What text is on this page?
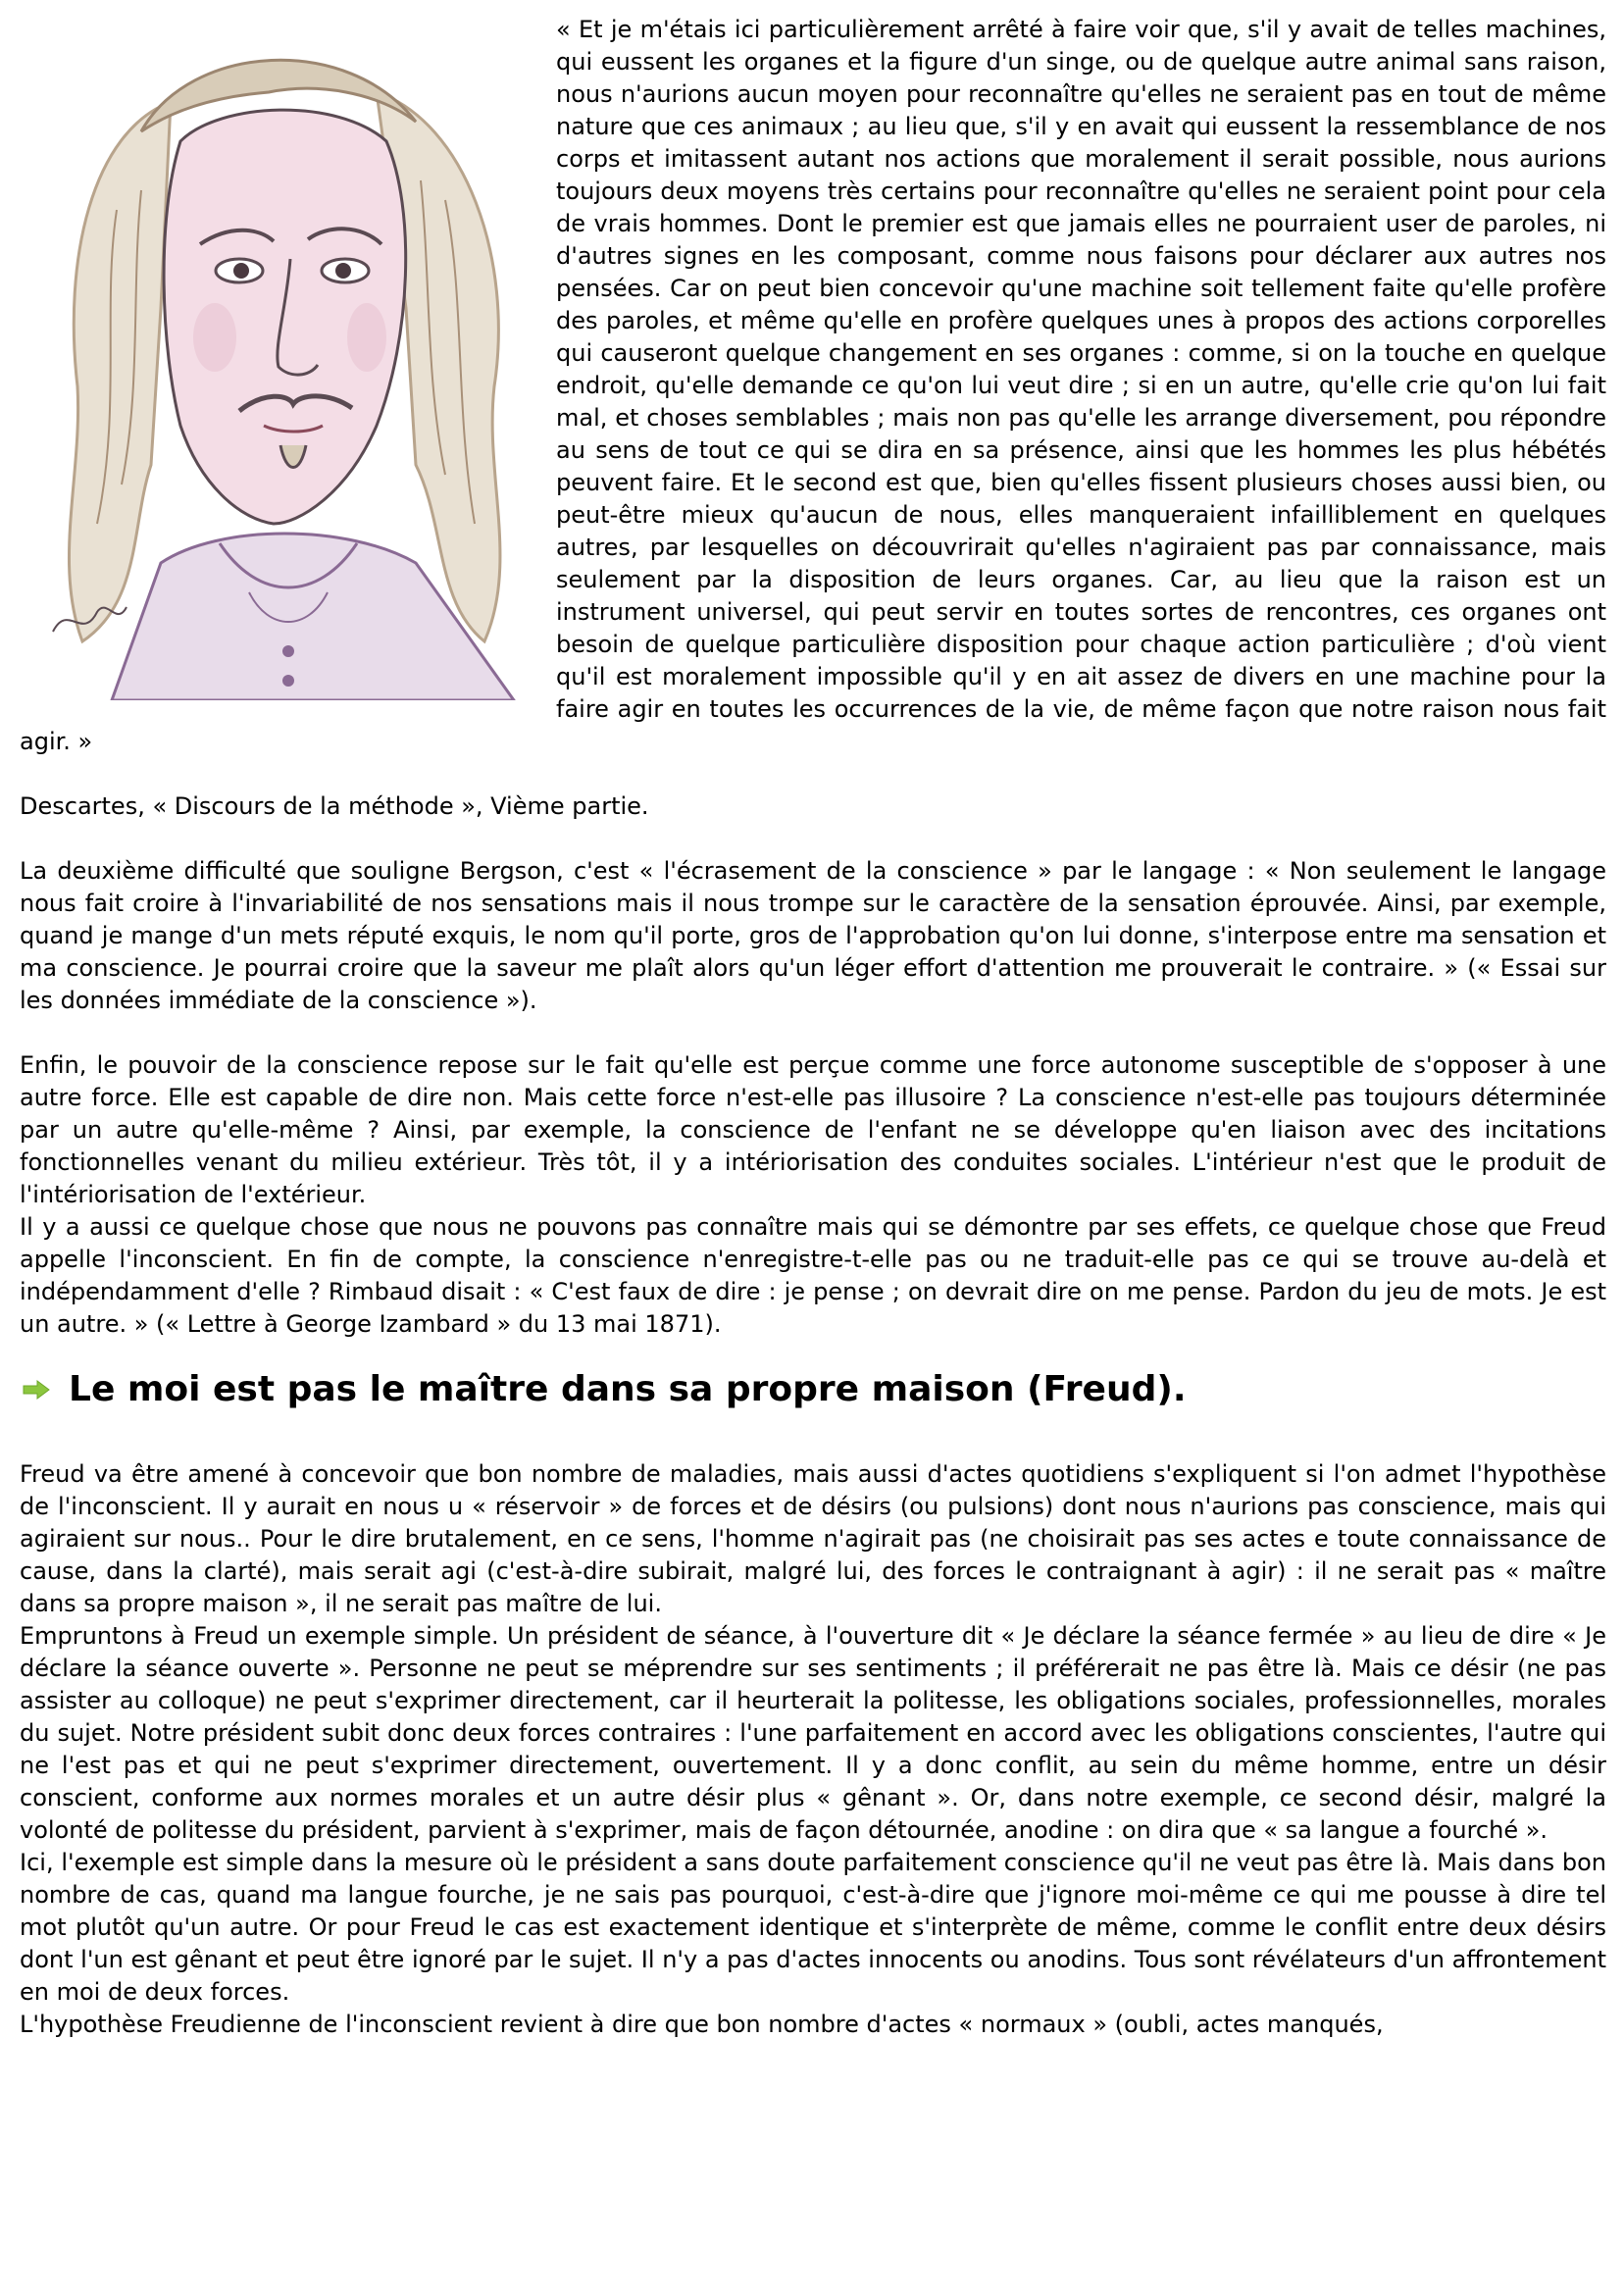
« Et je m'étais ici particulièrement arrêté à faire voir que, s'il y avait de telles machines, qui eussent les organes et la figure d'un singe, ou de quelque autre animal sans raison, nous n'aurions aucun moyen pour reconnaître qu'elles ne seraient pas en tout de même nature que ces animaux ; au lieu que, s'il y en avait qui eussent la ressemblance de nos corps et imitassent autant nos actions que moralement il serait possible, nous aurions toujours deux moyens très certains pour reconnaître qu'elles ne seraient point pour cela de vrais hommes. Dont le premier est que jamais elles ne pourraient user de paroles, ni d'autres signes en les composant, comme nous faisons pour déclarer aux autres nos pensées. Car on peut bien concevoir qu'une machine soit tellement faite qu'elle profère des paroles, et même qu'elle en profère quelques unes à propos des actions corporelles qui causeront quelque changement en ses organes : comme, si on la touche en quelque endroit, qu'elle demande ce qu'on lui veut dire ; si en un autre, qu'elle crie qu'on lui fait mal, et choses semblables ; mais non pas qu'elle les arrange diversement, pou répondre au sens de tout ce qui se dira en sa présence, ainsi que les hommes les plus hébétés peuvent faire. Et le second est que, bien qu'elles fissent plusieurs choses aussi bien, ou peut-être mieux qu'aucun de nous, elles manqueraient infailliblement en quelques autres, par lesquelles on découvrirait qu'elles n'agiraient pas par connaissance, mais seulement par la disposition de leurs organes. Car, au lieu que la raison est un instrument universel, qui peut servir en toutes sortes de rencontres, ces organes ont besoin de quelque particulière disposition pour chaque action particulière ; d'où vient qu'il est moralement impossible qu'il y en ait assez de divers en une machine pour la faire agir en toutes les occurrences de la vie, de même façon que notre raison nous fait agir. »

Descartes, « Discours de la méthode », Vième partie.

La deuxième difficulté que souligne Bergson, c'est « l'écrasement de la conscience » par le langage : « Non seulement le langage nous fait croire à l'invariabilité de nos sensations mais il nous trompe sur le caractère de la sensation éprouvée. Ainsi, par exemple, quand je mange d'un mets réputé exquis, le nom qu'il porte, gros de l'approbation qu'on lui donne, s'interpose entre ma sensation et ma conscience. Je pourrai croire que la saveur me plaît alors qu'un léger effort d'attention me prouverait le contraire. » (« Essai sur les données immédiate de la conscience »).

Enfin, le pouvoir de la conscience repose sur le fait qu'elle est perçue comme une force autonome susceptible de s'opposer à une autre force. Elle est capable de dire non. Mais cette force n'est-elle pas illusoire ? La conscience n'est-elle pas toujours déterminée par un autre qu'elle-même ? Ainsi, par exemple, la conscience de l'enfant ne se développe qu'en liaison avec des incitations fonctionnelles venant du milieu extérieur. Très tôt, il y a intériorisation des conduites sociales. L'intérieur n'est que le produit de l'intériorisation de l'extérieur.

Il y a aussi ce quelque chose que nous ne pouvons pas connaître mais qui se démontre par ses effets, ce quelque chose que Freud appelle l'inconscient. En fin de compte, la conscience n'enregistre-t-elle pas ou ne traduit-elle pas ce qui se trouve au-delà et indépendamment d'elle ? Rimbaud disait : « C'est faux de dire : je pense ; on devrait dire on me pense. Pardon du jeu de mots. Je est un autre. » (« Lettre à George Izambard » du 13 mai 1871).

Le moi est pas le maître dans sa propre maison (Freud).

Freud va être amené à concevoir que bon nombre de maladies, mais aussi d'actes quotidiens s'expliquent si l'on admet l'hypothèse de l'inconscient. Il y aurait en nous u « réservoir » de forces et de désirs (ou pulsions) dont nous n'aurions pas conscience, mais qui agiraient sur nous.. Pour le dire brutalement, en ce sens, l'homme n'agirait pas (ne choisirait pas ses actes e toute connaissance de cause, dans la clarté), mais serait agi (c'est-à-dire subirait, malgré lui, des forces le contraignant à agir) : il ne serait pas « maître dans sa propre maison », il ne serait pas maître de lui.

Empruntons à Freud un exemple simple. Un président de séance, à l'ouverture dit « Je déclare la séance fermée » au lieu de dire « Je déclare la séance ouverte ». Personne ne peut se méprendre sur ses sentiments ; il préférerait ne pas être là. Mais ce désir (ne pas assister au colloque) ne peut s'exprimer directement, car il heurterait la politesse, les obligations sociales, professionnelles, morales du sujet. Notre président subit donc deux forces contraires : l'une parfaitement en accord avec les obligations conscientes, l'autre qui ne l'est pas et qui ne peut s'exprimer directement, ouvertement. Il y a donc conflit, au sein du même homme, entre un désir conscient, conforme aux normes morales et un autre désir plus « gênant ». Or, dans notre exemple, ce second désir, malgré la volonté de politesse du président, parvient à s'exprimer, mais de façon détournée, anodine : on dira que « sa langue a fourché ».

Ici, l'exemple est simple dans la mesure où le président a sans doute parfaitement conscience qu'il ne veut pas être là. Mais dans bon nombre de cas, quand ma langue fourche, je ne sais pas pourquoi, c'est-à-dire que j'ignore moi-même ce qui me pousse à dire tel mot plutôt qu'un autre. Or pour Freud le cas est exactement identique et s'interprète de même, comme le conflit entre deux désirs dont l'un est gênant et peut être ignoré par le sujet. Il n'y a pas d'actes innocents ou anodins. Tous sont révélateurs d'un affrontement en moi de deux forces.

L'hypothèse Freudienne de l'inconscient revient à dire que bon nombre d'actes « normaux » (oubli, actes manqués,
